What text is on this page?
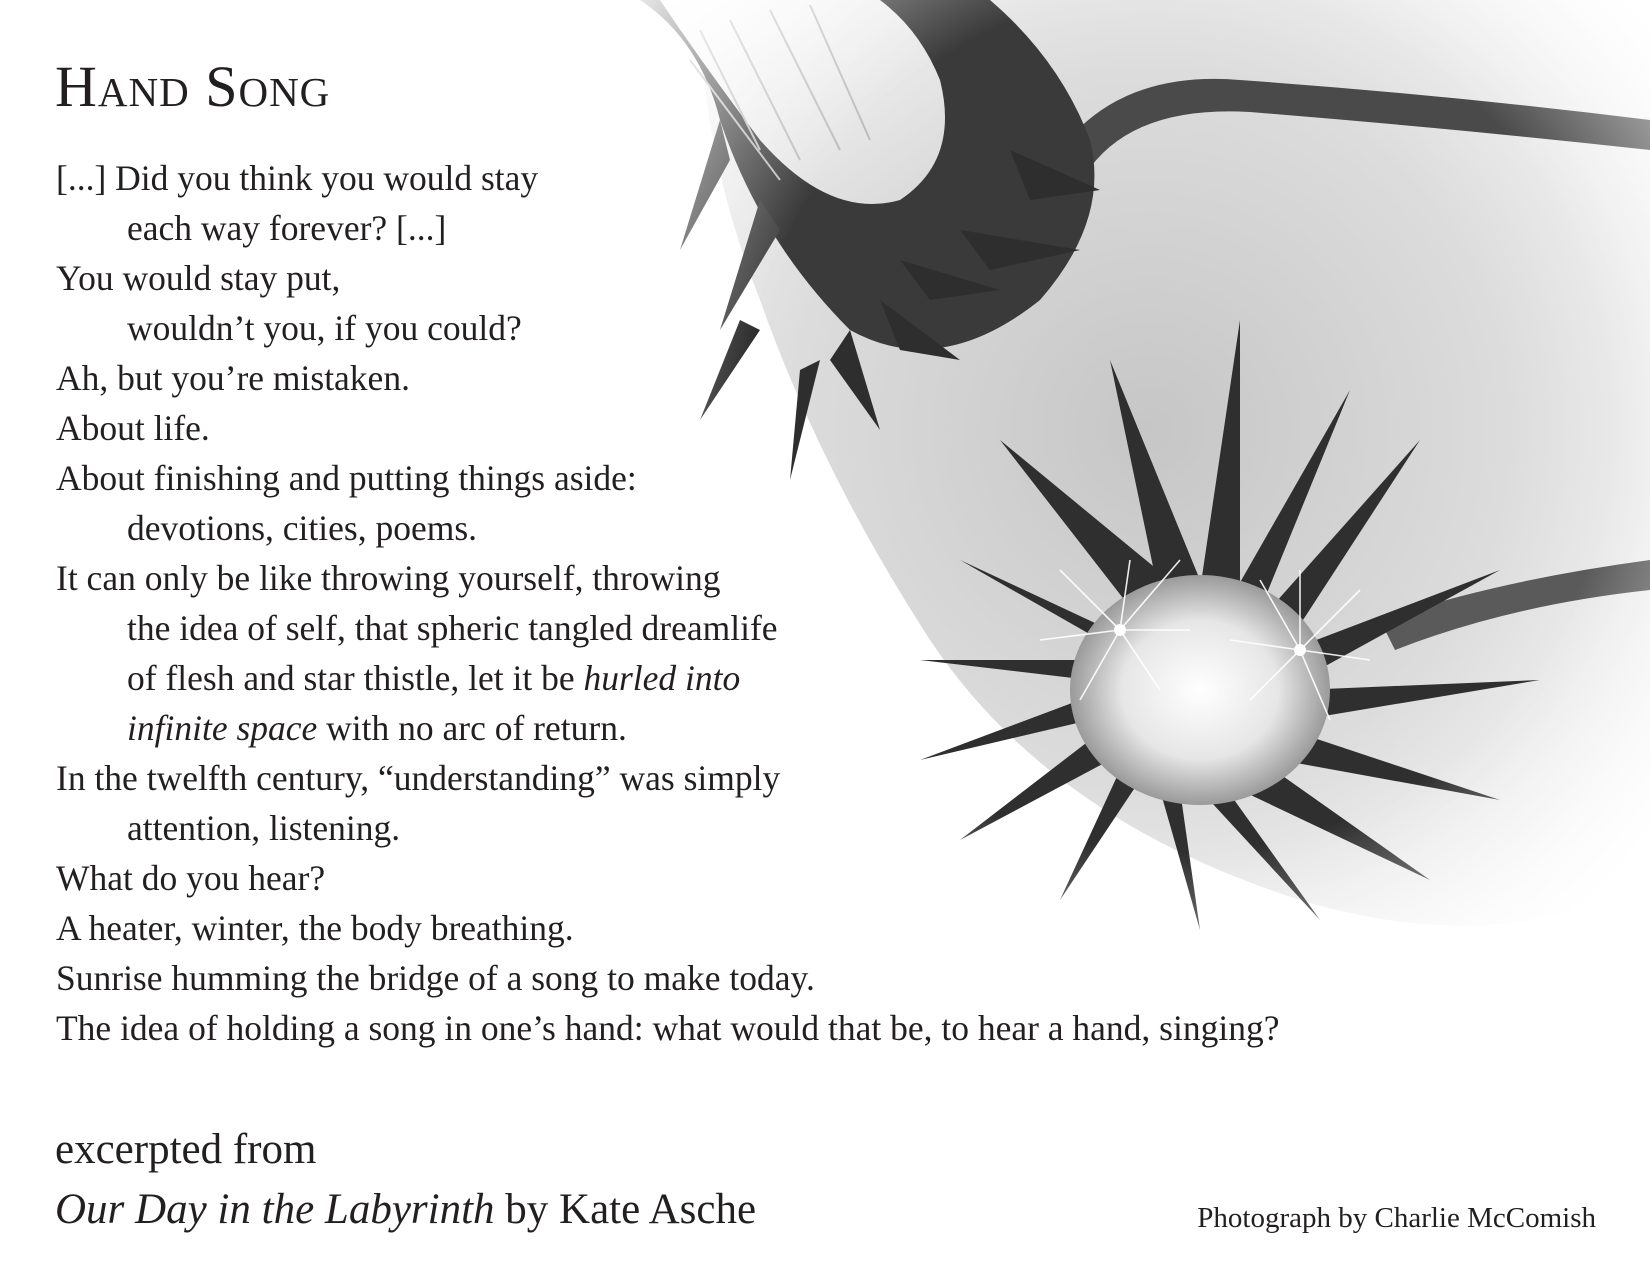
Hand Song
[...] Did you think you would stay
each way forever? [...]
You would stay put,
wouldn’t you, if you could?
Ah, but you’re mistaken.
About life.
About finishing and putting things aside:
devotions, cities, poems.
It can only be like throwing yourself, throwing
the idea of self, that spheric tangled dreamlife
of flesh and star thistle, let it be hurled into
infinite space with no arc of return.
In the twelfth century, “understanding” was simply
attention, listening.
What do you hear?
A heater, winter, the body breathing.
Sunrise humming the bridge of a song to make today.
The idea of holding a song in one’s hand: what would that be, to hear a hand, singing?
excerpted from
Our Day in the Labyrinth by Kate Asche	Photograph by Charlie McComish
